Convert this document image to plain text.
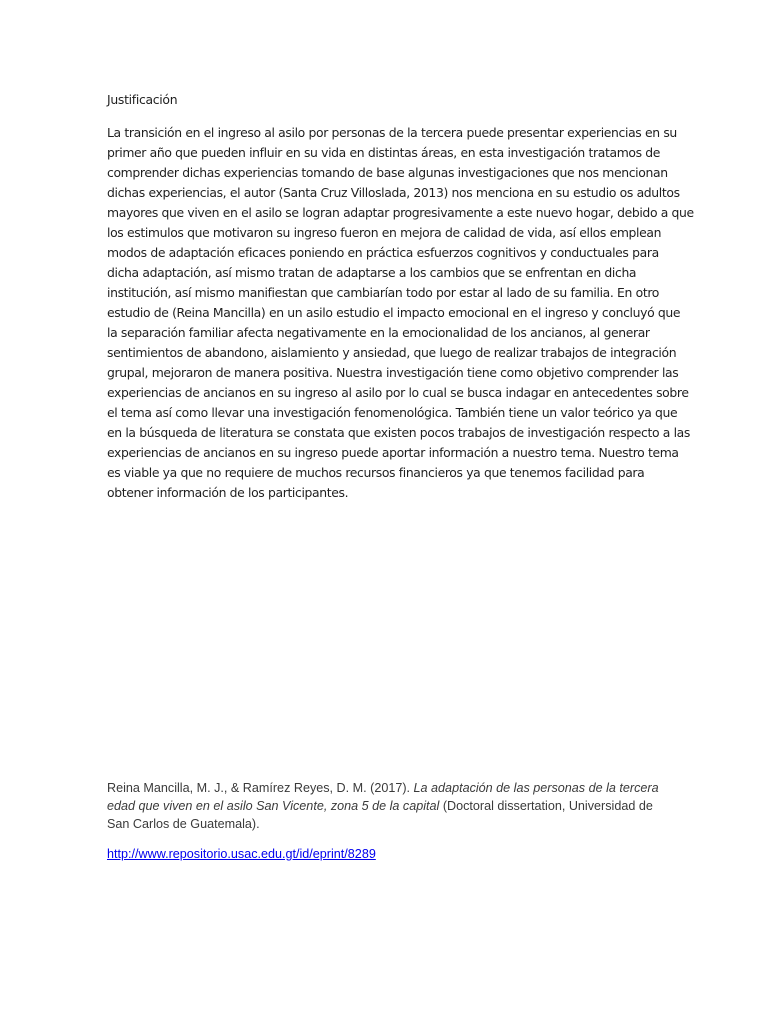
Justificación
La transición en el ingreso al asilo por personas de la tercera puede presentar experiencias en su
primer año que pueden influir en su vida en distintas áreas, en esta investigación tratamos de
comprender dichas experiencias tomando de base algunas investigaciones que nos mencionan
dichas experiencias, el autor (Santa Cruz Villoslada, 2013) nos menciona en su estudio os adultos
mayores que viven en el asilo se logran adaptar progresivamente a este nuevo hogar, debido a que
los estimulos que motivaron su ingreso fueron en mejora de calidad de vida, así ellos emplean
modos de adaptación eficaces poniendo en práctica esfuerzos cognitivos y conductuales para
dicha adaptación, así mismo tratan de adaptarse a los cambios que se enfrentan en dicha
institución, así mismo manifiestan que cambiarían todo por estar al lado de su familia. En otro
estudio de (Reina Mancilla) en un asilo estudio el impacto emocional en el ingreso y concluyó que
la separación familiar afecta negativamente en la emocionalidad de los ancianos, al generar
sentimientos de abandono, aislamiento y ansiedad, que luego de realizar trabajos de integración
grupal, mejoraron de manera positiva. Nuestra investigación tiene como objetivo comprender las
experiencias de ancianos en su ingreso al asilo por lo cual se busca indagar en antecedentes sobre
el tema así como llevar una investigación fenomenológica. También tiene un valor teórico ya que
en la búsqueda de literatura se constata que existen pocos trabajos de investigación respecto a las
experiencias de ancianos en su ingreso puede aportar información a nuestro tema. Nuestro tema
es viable ya que no requiere de muchos recursos financieros ya que tenemos facilidad para
obtener información de los participantes.
Reina Mancilla, M. J., & Ramírez Reyes, D. M. (2017). La adaptación de las personas de la tercera
edad que viven en el asilo San Vicente, zona 5 de la capital (Doctoral dissertation, Universidad de
San Carlos de Guatemala).
http://www.repositorio.usac.edu.gt/id/eprint/8289
